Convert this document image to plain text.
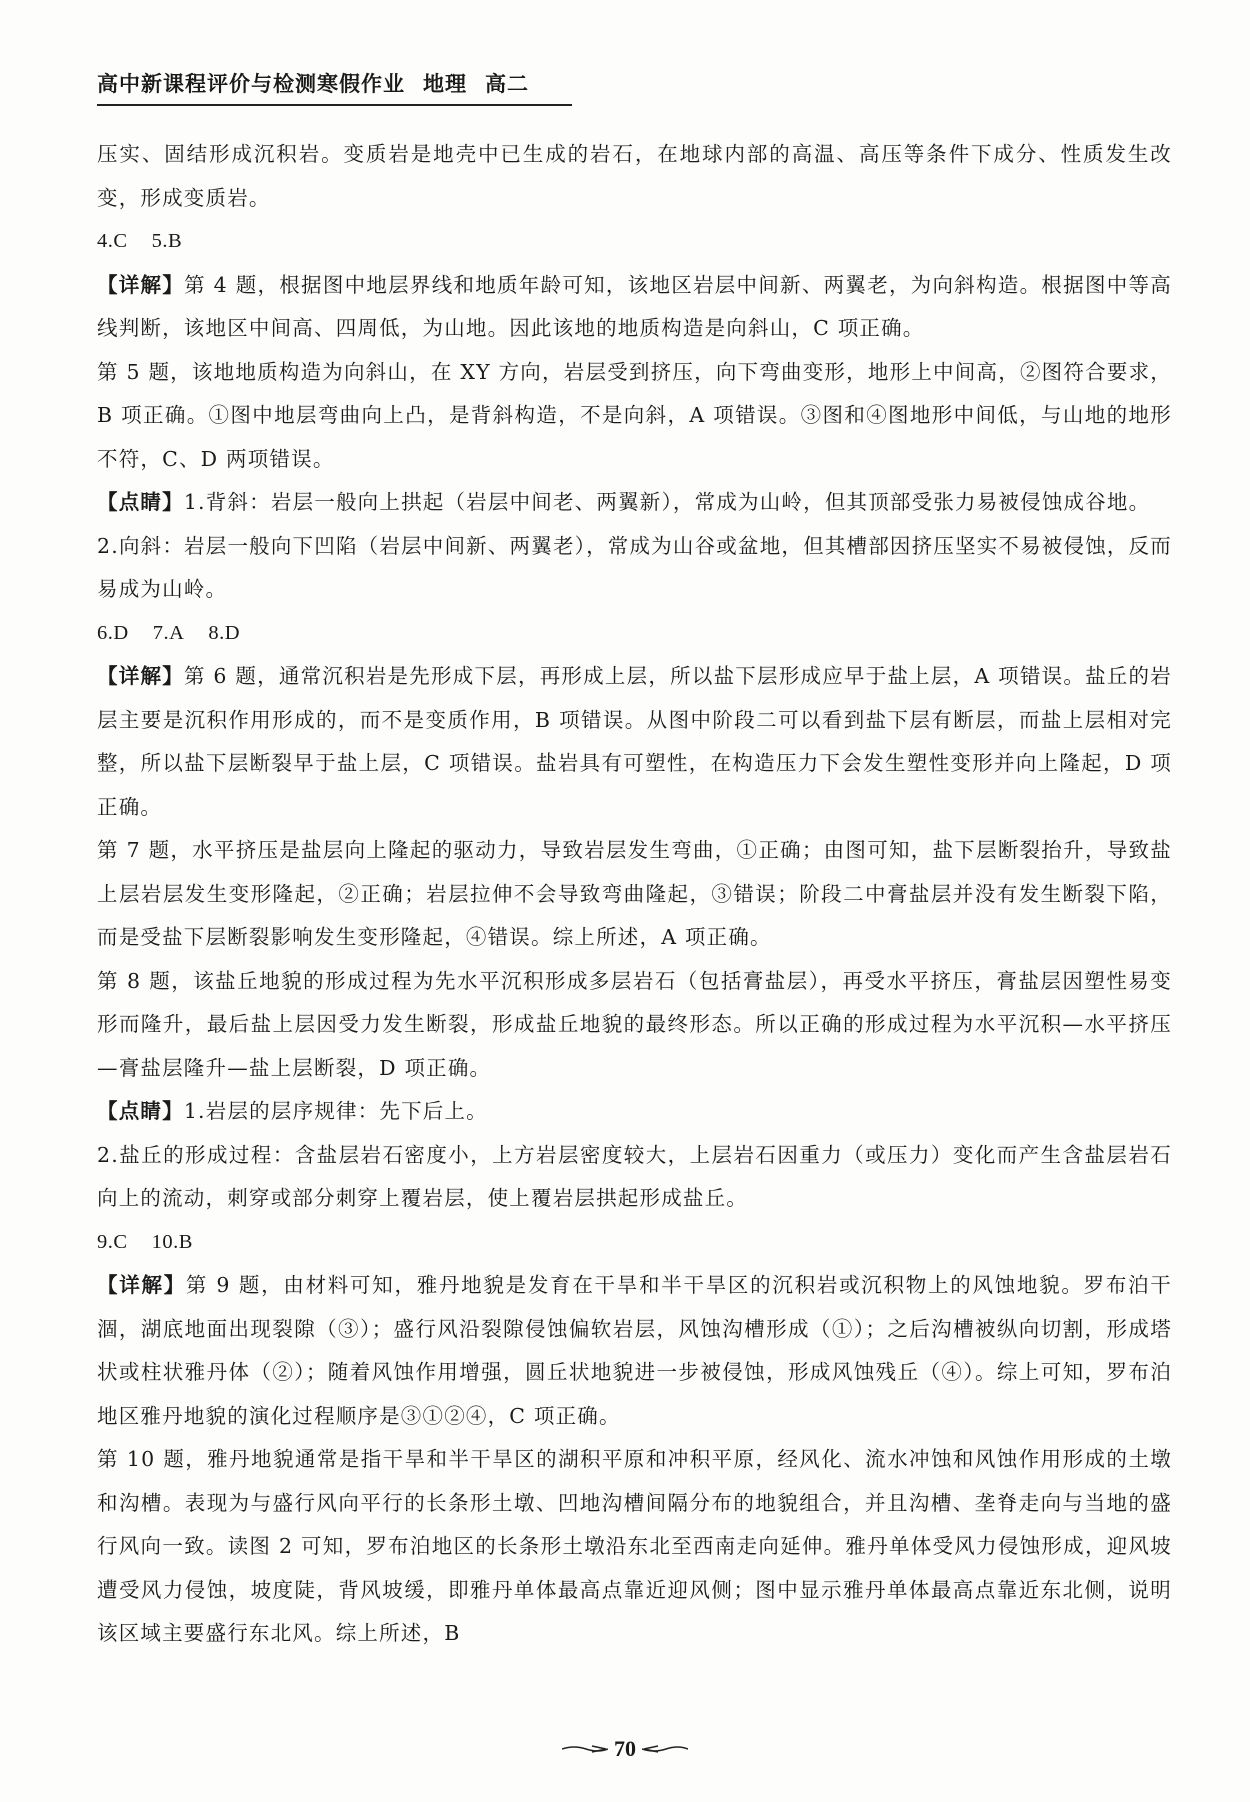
高中新课程评价与检测寒假作业 地理 高二

压实、固结形成沉积岩。变质岩是地壳中已生成的岩石，在地球内部的高温、高压等条件下成分、性质发生改变，形成变质岩。

4.C 5.B

【详解】第 4 题，根据图中地层界线和地质年龄可知，该地区岩层中间新、两翼老，为向斜构造。根据图中等高线判断，该地区中间高、四周低，为山地。因此该地的地质构造是向斜山，C 项正确。

第 5 题，该地地质构造为向斜山，在 XY 方向，岩层受到挤压，向下弯曲变形，地形上中间高，②图符合要求，B 项正确。①图中地层弯曲向上凸，是背斜构造，不是向斜，A 项错误。③图和④图地形中间低，与山地的地形不符，C、D 两项错误。

【点睛】1.背斜：岩层一般向上拱起（岩层中间老、两翼新），常成为山岭，但其顶部受张力易被侵蚀成谷地。

2.向斜：岩层一般向下凹陷（岩层中间新、两翼老），常成为山谷或盆地，但其槽部因挤压坚实不易被侵蚀，反而易成为山岭。

6.D 7.A 8.D

【详解】第 6 题，通常沉积岩是先形成下层，再形成上层，所以盐下层形成应早于盐上层，A 项错误。盐丘的岩层主要是沉积作用形成的，而不是变质作用，B 项错误。从图中阶段二可以看到盐下层有断层，而盐上层相对完整，所以盐下层断裂早于盐上层，C 项错误。盐岩具有可塑性，在构造压力下会发生塑性变形并向上隆起，D 项正确。

第 7 题，水平挤压是盐层向上隆起的驱动力，导致岩层发生弯曲，①正确；由图可知，盐下层断裂抬升，导致盐上层岩层发生变形隆起，②正确；岩层拉伸不会导致弯曲隆起，③错误；阶段二中膏盐层并没有发生断裂下陷，而是受盐下层断裂影响发生变形隆起，④错误。综上所述，A 项正确。

第 8 题，该盐丘地貌的形成过程为先水平沉积形成多层岩石（包括膏盐层），再受水平挤压，膏盐层因塑性易变形而隆升，最后盐上层因受力发生断裂，形成盐丘地貌的最终形态。所以正确的形成过程为水平沉积—水平挤压—膏盐层隆升—盐上层断裂，D 项正确。

【点睛】1.岩层的层序规律：先下后上。

2.盐丘的形成过程：含盐层岩石密度小，上方岩层密度较大，上层岩石因重力（或压力）变化而产生含盐层岩石向上的流动，刺穿或部分刺穿上覆岩层，使上覆岩层拱起形成盐丘。

9.C 10.B

【详解】第 9 题，由材料可知，雅丹地貌是发育在干旱和半干旱区的沉积岩或沉积物上的风蚀地貌。罗布泊干涸，湖底地面出现裂隙（③）；盛行风沿裂隙侵蚀偏软岩层，风蚀沟槽形成（①）；之后沟槽被纵向切割，形成塔状或柱状雅丹体（②）；随着风蚀作用增强，圆丘状地貌进一步被侵蚀，形成风蚀残丘（④）。综上可知，罗布泊地区雅丹地貌的演化过程顺序是③①②④，C 项正确。

第 10 题，雅丹地貌通常是指干旱和半干旱区的湖积平原和冲积平原，经风化、流水冲蚀和风蚀作用形成的土墩和沟槽。表现为与盛行风向平行的长条形土墩、凹地沟槽间隔分布的地貌组合，并且沟槽、垄脊走向与当地的盛行风向一致。读图 2 可知，罗布泊地区的长条形土墩沿东北至西南走向延伸。雅丹单体受风力侵蚀形成，迎风坡遭受风力侵蚀，坡度陡，背风坡缓，即雅丹单体最高点靠近迎风侧；图中显示雅丹单体最高点靠近东北侧，说明该区域主要盛行东北风。综上所述，B

70
